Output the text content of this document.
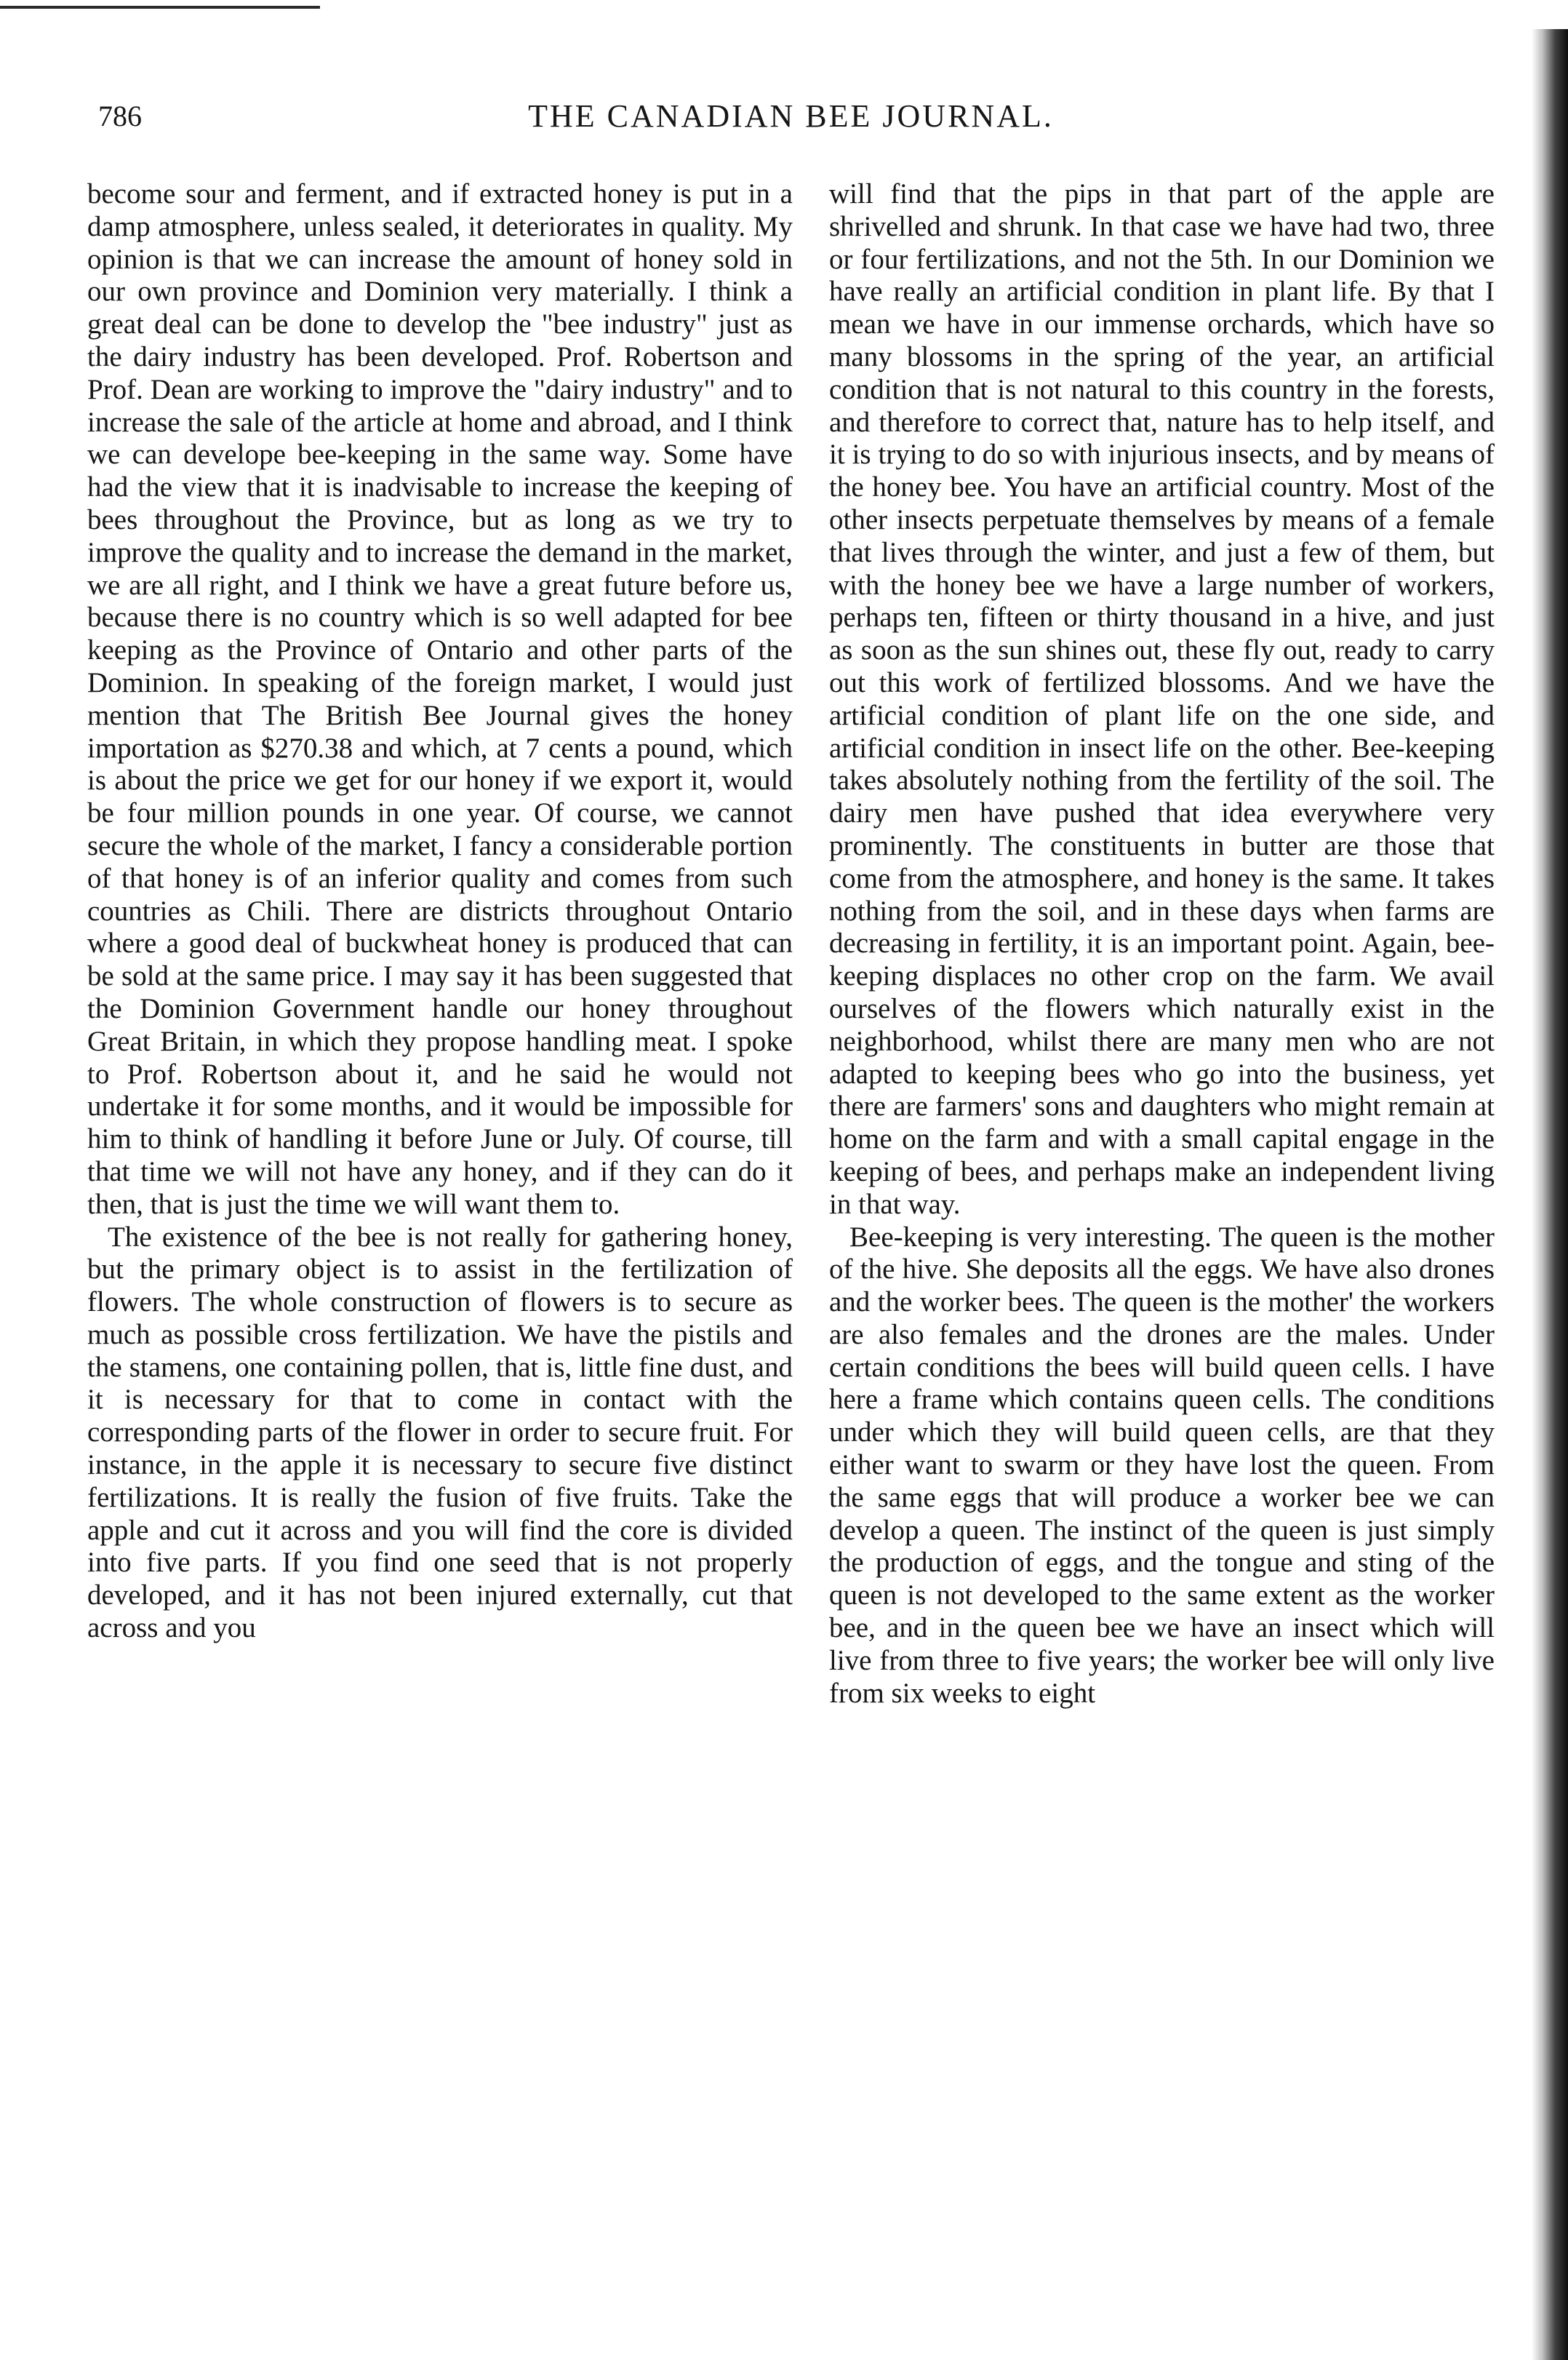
786	THE CANADIAN BEE JOURNAL.

become sour and ferment, and if extracted honey is put in a damp atmosphere, unless sealed, it deteriorates in quality. My opinion is that we can increase the amount of honey sold in our own province and Dominion very materially. I think a great deal can be done to develop the "bee industry" just as the dairy industry has been developed. Prof. Robertson and Prof. Dean are working to improve the "dairy industry" and to increase the sale of the article at home and abroad, and I think we can develope bee-keeping in the same way. Some have had the view that it is inadvisable to increase the keeping of bees throughout the Province, but as long as we try to improve the quality and to increase the demand in the market, we are all right, and I think we have a great future before us, because there is no country which is so well adapted for bee keeping as the Province of Ontario and other parts of the Dominion. In speaking of the foreign market, I would just mention that The British Bee Journal gives the honey importation as $270.38 and which, at 7 cents a pound, which is about the price we get for our honey if we export it, would be four million pounds in one year. Of course, we cannot secure the whole of the market, I fancy a considerable portion of that honey is of an inferior quality and comes from such countries as Chili. There are districts throughout Ontario where a good deal of buckwheat honey is produced that can be sold at the same price. I may say it has been suggested that the Dominion Government handle our honey throughout Great Britain, in which they propose handling meat. I spoke to Prof. Robertson about it, and he said he would not undertake it for some months, and it would be impossible for him to think of handling it before June or July. Of course, till that time we will not have any honey, and if they can do it then, that is just the time we will want them to.

The existence of the bee is not really for gathering honey, but the primary object is to assist in the fertilization of flowers. The whole construction of flowers is to secure as much as possible cross fertilization. We have the pistils and the stamens, one containing pollen, that is, little fine dust, and it is necessary for that to come in contact with the corresponding parts of the flower in order to secure fruit. For instance, in the apple it is necessary to secure five distinct fertilizations. It is really the fusion of five fruits. Take the apple and cut it across and you will find the core is divided into five parts. If you find one seed that is not properly developed, and it has not been injured externally, cut that across and you

will find that the pips in that part of the apple are shrivelled and shrunk. In that case we have had two, three or four fertilizations, and not the 5th. In our Dominion we have really an artificial condition in plant life. By that I mean we have in our immense orchards, which have so many blossoms in the spring of the year, an artificial condition that is not natural to this country in the forests, and therefore to correct that, nature has to help itself, and it is trying to do so with injurious insects, and by means of the honey bee. You have an artificial country. Most of the other insects perpetuate themselves by means of a female that lives through the winter, and just a few of them, but with the honey bee we have a large number of workers, perhaps ten, fifteen or thirty thousand in a hive, and just as soon as the sun shines out, these fly out, ready to carry out this work of fertilized blossoms. And we have the artificial condition of plant life on the one side, and artificial condition in insect life on the other. Bee-keeping takes absolutely nothing from the fertility of the soil. The dairy men have pushed that idea everywhere very prominently. The constituents in butter are those that come from the atmosphere, and honey is the same. It takes nothing from the soil, and in these days when farms are decreasing in fertility, it is an important point. Again, bee-keeping displaces no other crop on the farm. We avail ourselves of the flowers which naturally exist in the neighborhood, whilst there are many men who are not adapted to keeping bees who go into the business, yet there are farmers' sons and daughters who might remain at home on the farm and with a small capital engage in the keeping of bees, and perhaps make an independent living in that way.

Bee-keeping is very interesting. The queen is the mother of the hive. She deposits all the eggs. We have also drones and the worker bees. The queen is the mother' the workers are also females and the drones are the males. Under certain conditions the bees will build queen cells. I have here a frame which contains queen cells. The conditions under which they will build queen cells, are that they either want to swarm or they have lost the queen. From the same eggs that will produce a worker bee we can develop a queen. The instinct of the queen is just simply the production of eggs, and the tongue and sting of the queen is not developed to the same extent as the worker bee, and in the queen bee we have an insect which will live from three to five years; the worker bee will only live from six weeks to eight
